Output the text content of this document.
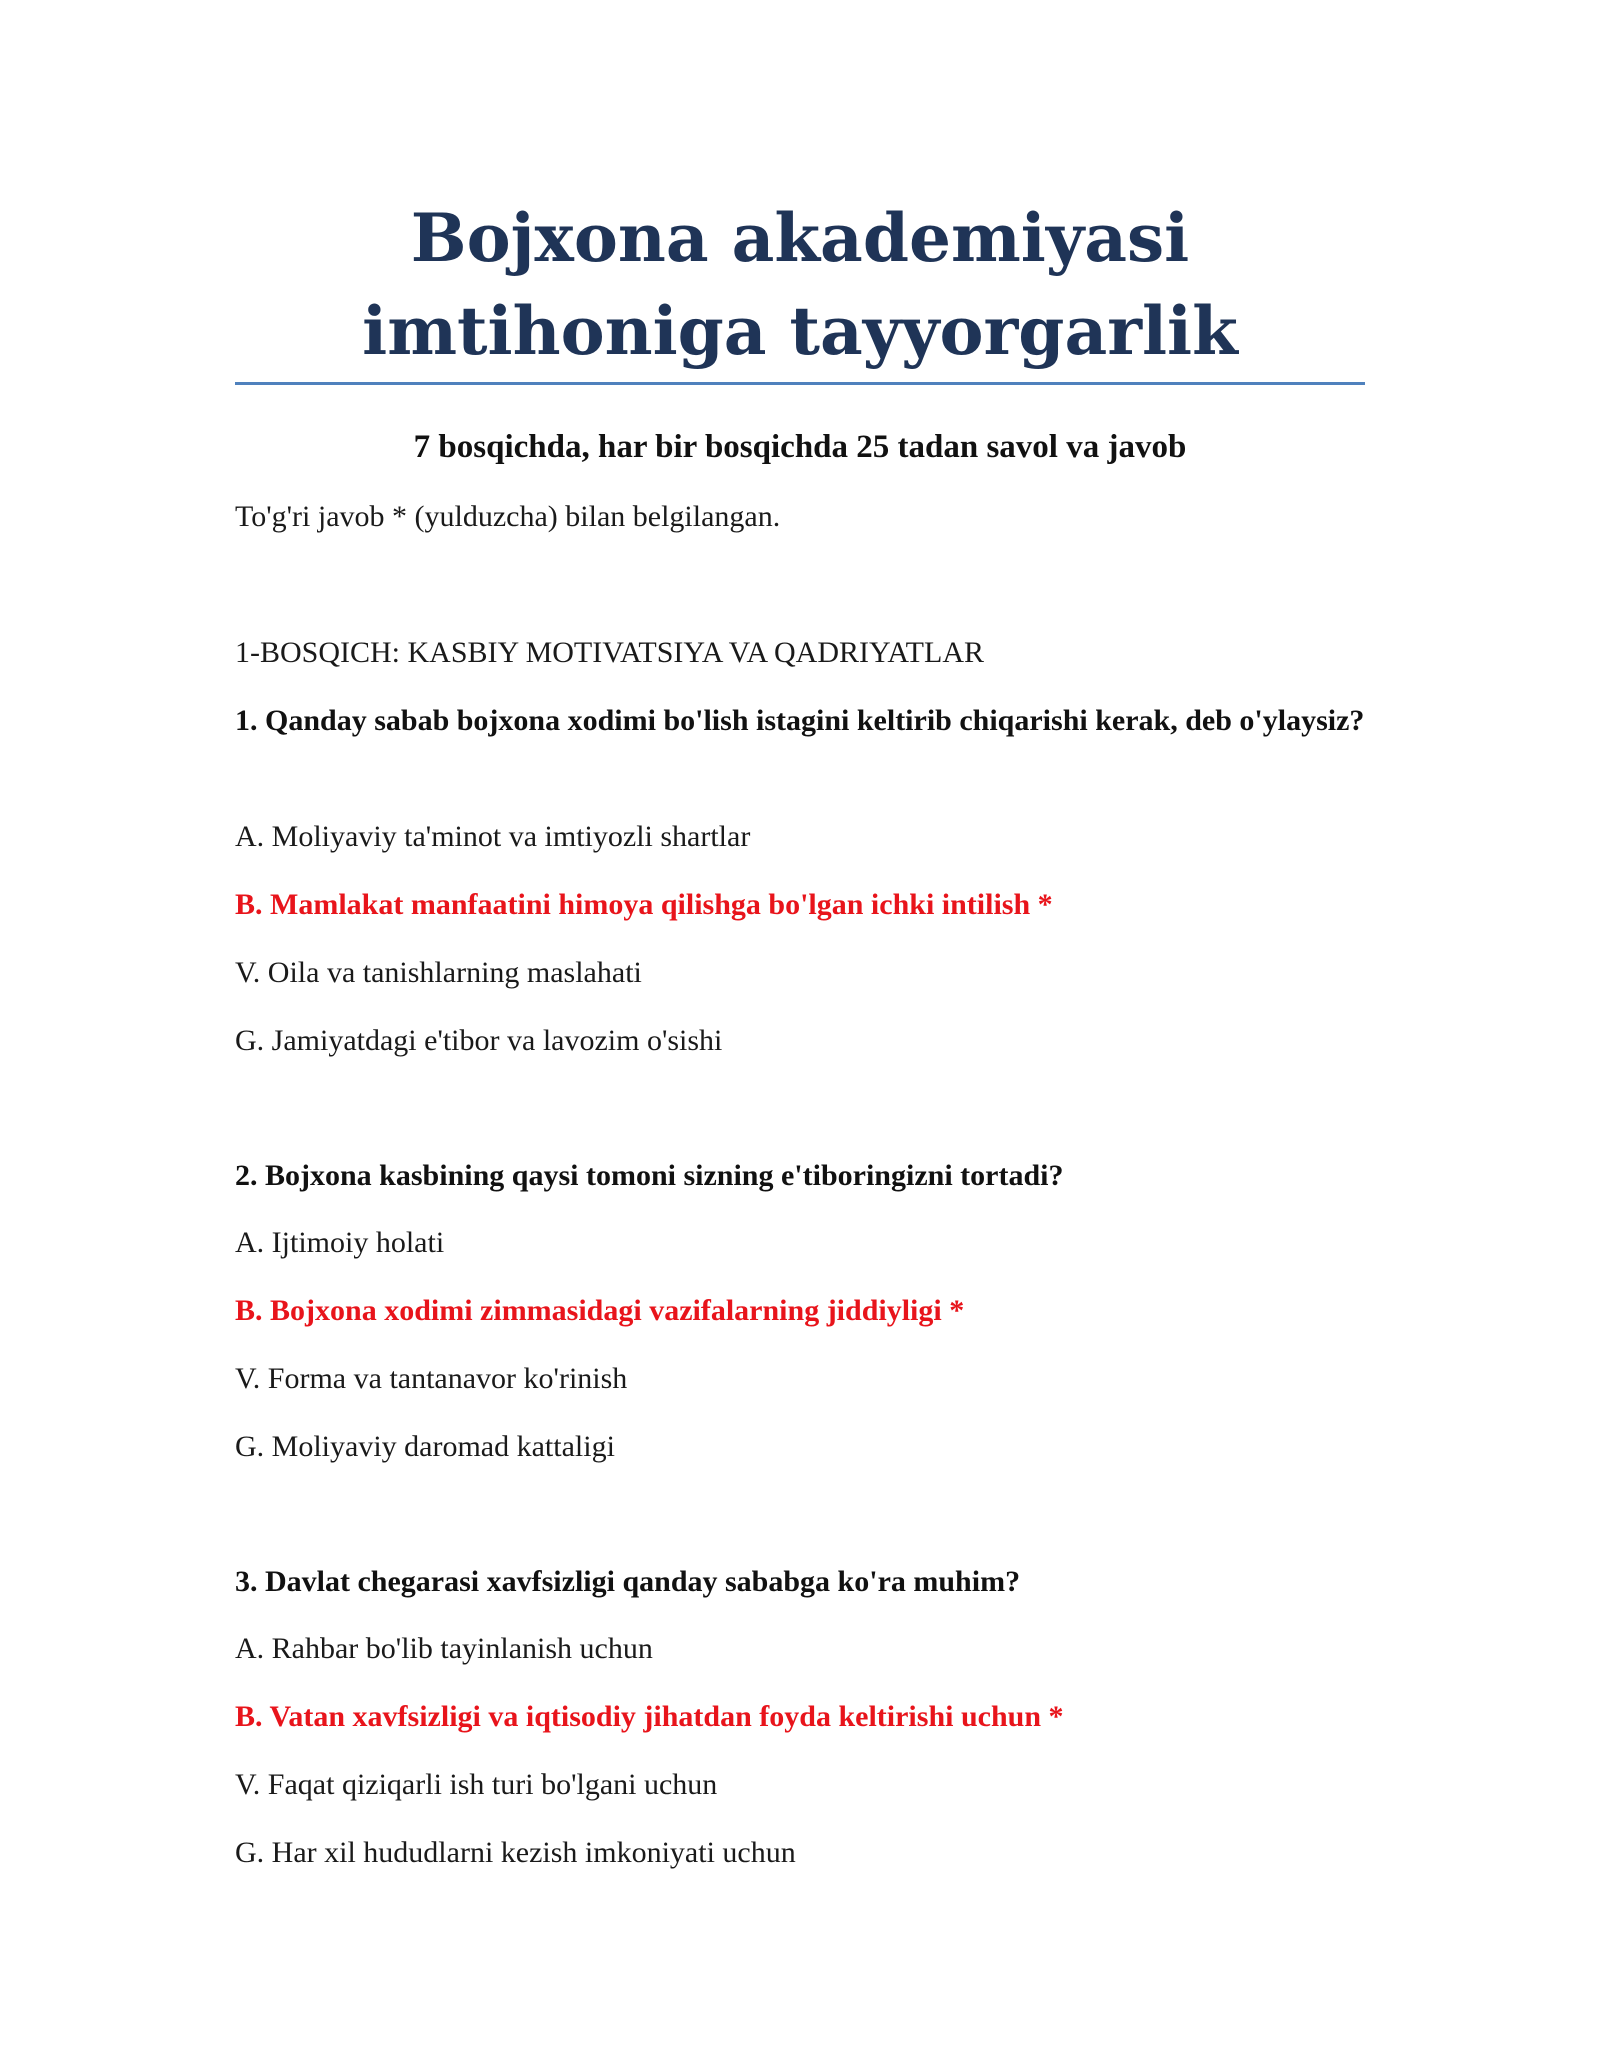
Bojxona akademiyasi
imtihoniga tayyorgarlik
7 bosqichda, har bir bosqichda 25 tadan savol va javob
To'g'ri javob * (yulduzcha) bilan belgilangan.
1-BOSQICH: KASBIY MOTIVATSIYA VA QADRIYATLAR
1. Qanday sabab bojxona xodimi bo'lish istagini keltirib chiqarishi kerak, deb o'ylaysiz?
A. Moliyaviy ta'minot va imtiyozli shartlar
B. Mamlakat manfaatini himoya qilishga bo'lgan ichki intilish *
V. Oila va tanishlarning maslahati
G. Jamiyatdagi e'tibor va lavozim o'sishi
2. Bojxona kasbining qaysi tomoni sizning e'tiboringizni tortadi?
A. Ijtimoiy holati
B. Bojxona xodimi zimmasidagi vazifalarning jiddiyligi *
V. Forma va tantanavor ko'rinish
G. Moliyaviy daromad kattaligi
3. Davlat chegarasi xavfsizligi qanday sababga ko'ra muhim?
A. Rahbar bo'lib tayinlanish uchun
B. Vatan xavfsizligi va iqtisodiy jihatdan foyda keltirishi uchun *
V. Faqat qiziqarli ish turi bo'lgani uchun
G. Har xil hududlarni kezish imkoniyati uchun
